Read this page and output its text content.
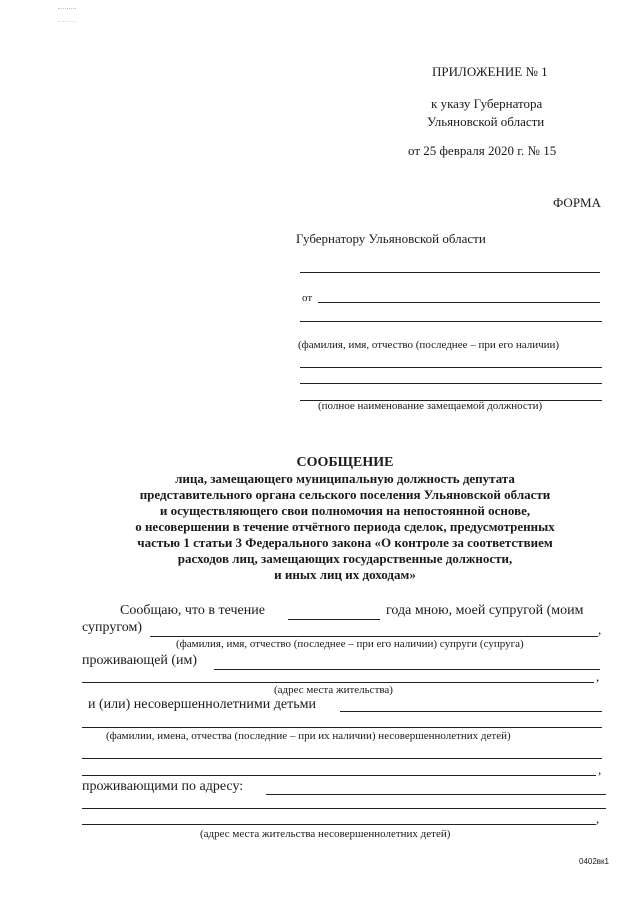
ПРИЛОЖЕНИЕ № 1
к указу Губернатора
Ульяновской области
от 25 февраля 2020 г. № 15
ФОРМА
Губернатору Ульяновской области
от
(фамилия, имя, отчество (последнее – при его наличии)
(полное наименование замещаемой должности)
СООБЩЕНИЕ
лица, замещающего муниципальную должность депутата
представительного органа сельского поселения Ульяновской области
и осуществляющего свои полномочия на непостоянной основе,
о несовершении в течение отчётного периода сделок, предусмотренных
частью 1 статьи 3 Федерального закона «О контроле за соответствием
расходов лиц, замещающих государственные должности,
и иных лиц их доходам»
Сообщаю, что в течение	года мною, моей супругой (моим
супругом)	,
(фамилия, имя, отчество (последнее – при его наличии) супруги (супруга)
проживающей (им)
,
(адрес места жительства)
и (или) несовершеннолетними детьми
(фамилии, имена, отчества (последние – при их наличии) несовершеннолетних детей)
,
проживающими по адресу:
,
(адрес места жительства несовершеннолетних детей)
0402вк1
